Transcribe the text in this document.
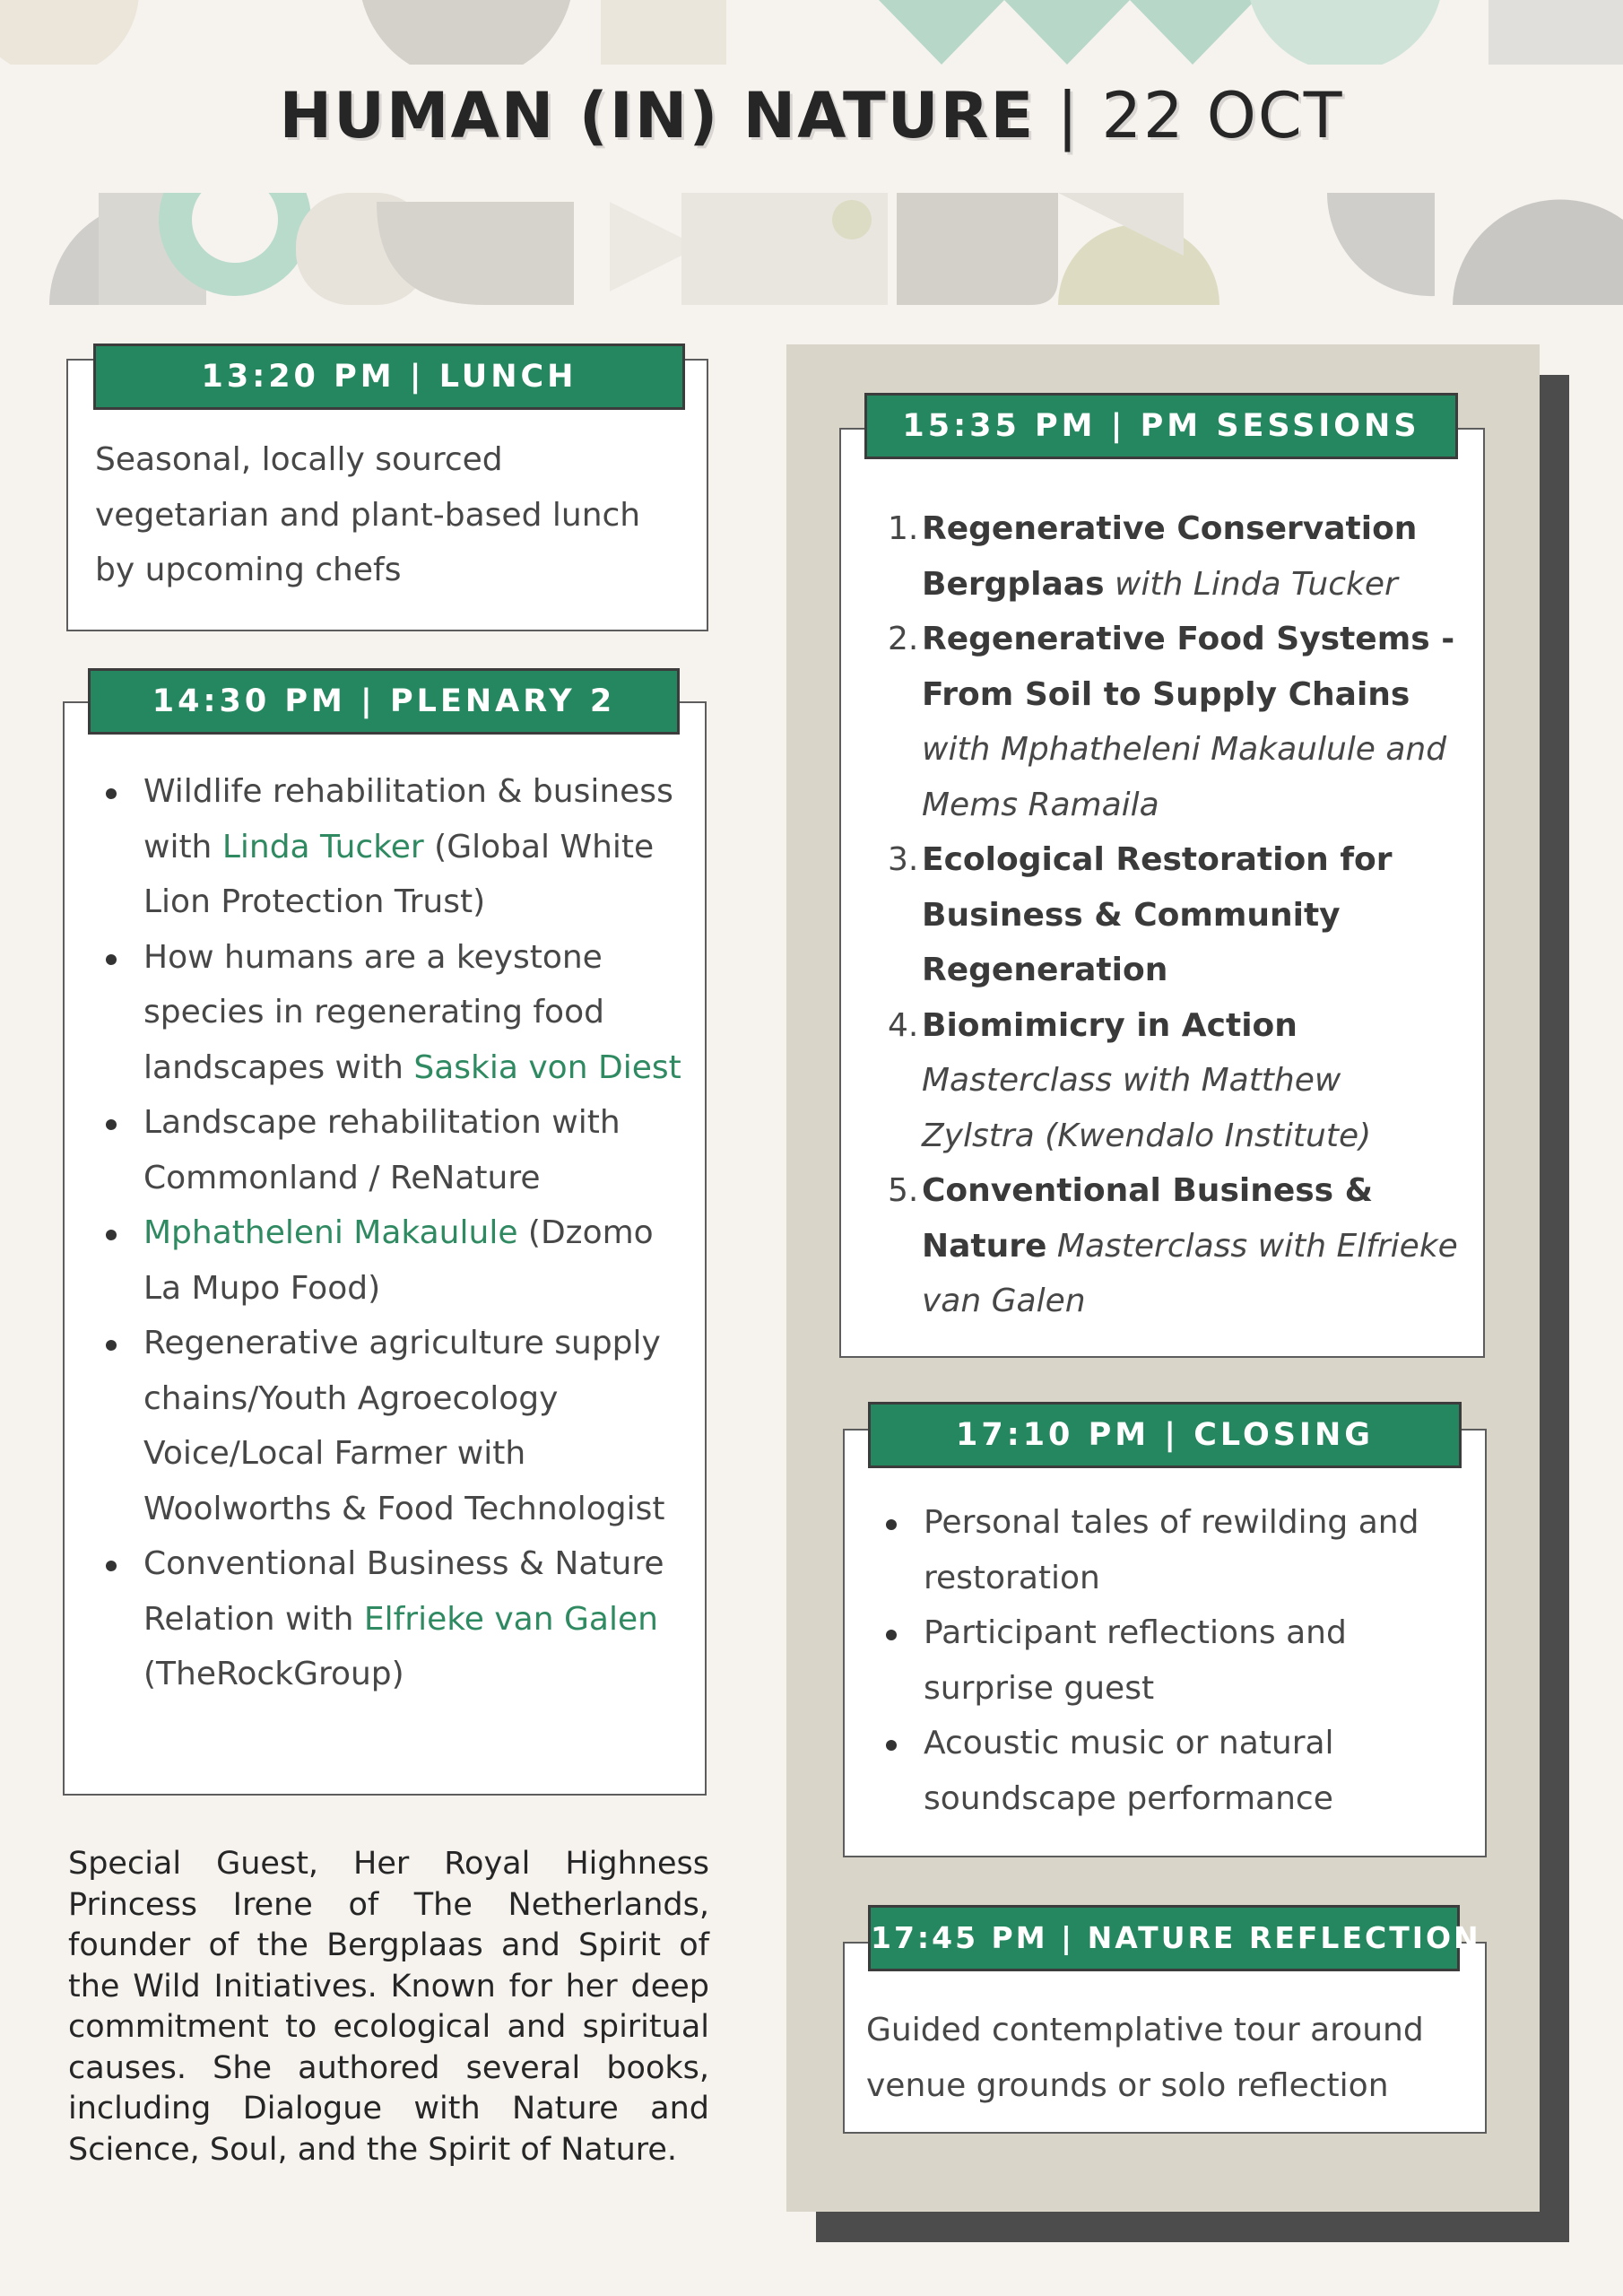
HUMAN (IN) NATURE | 22 OCT
Seasonal, locally sourced vegetarian and plant-based lunch by upcoming chefs
13:20 PM | LUNCH
Wildlife rehabilitation & business with Linda Tucker (Global White Lion Protection Trust)
How humans are a keystone species in regenerating food landscapes with Saskia von Diest
Landscape rehabilitation with Commonland / ReNature
Mphatheleni Makaulule (Dzomo La Mupo Food)
Regenerative agriculture supply chains/Youth Agroecology Voice/Local Farmer with Woolworths & Food Technologist
Conventional Business & Nature Relation with Elfrieke van Galen (TheRockGroup)
14:30 PM | PLENARY 2
Special Guest, Her Royal Highness Princess Irene of The Netherlands, founder of the Bergplaas and Spirit of the Wild Initiatives. Known for her deep commitment to ecological and spiritual causes. She authored several books, including Dialogue with Nature and Science, Soul, and the Spirit of Nature.
1. Regenerative Conservation Bergplaas with Linda Tucker
2. Regenerative Food Systems - From Soil to Supply Chains with Mphatheleni Makaulule and Mems Ramaila
3. Ecological Restoration for Business & Community Regeneration
4. Biomimicry in Action Masterclass with Matthew Zylstra (Kwendalo Institute)
5. Conventional Business & Nature Masterclass with Elfrieke van Galen
15:35 PM | PM SESSIONS
Personal tales of rewilding and restoration
Participant reflections and surprise guest
Acoustic music or natural soundscape performance
17:10 PM | CLOSING
Guided contemplative tour around venue grounds or solo reflection
17:45 PM | NATURE REFLECTION
